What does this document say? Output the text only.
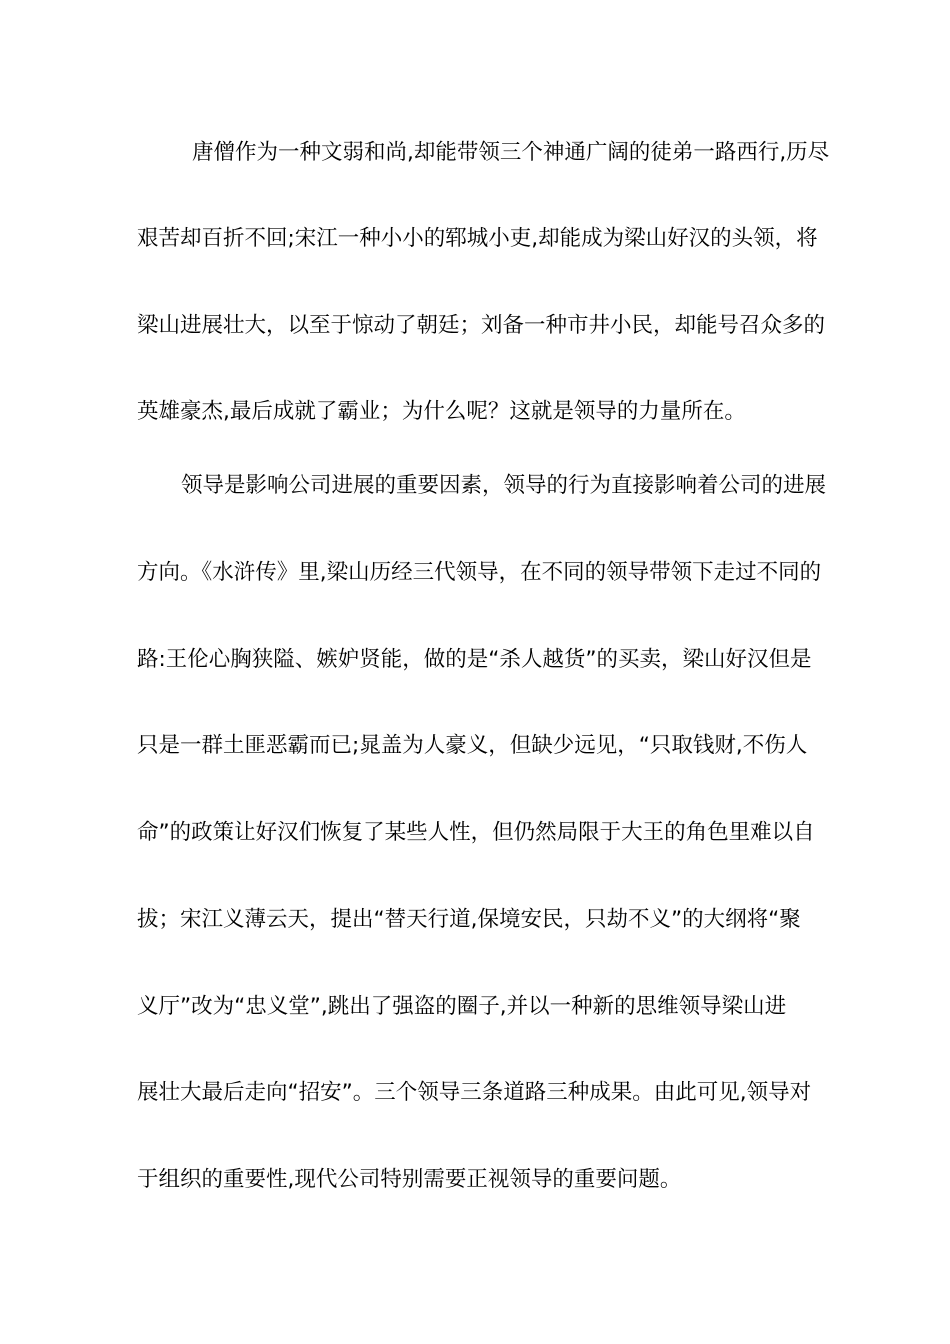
唐僧作为一种文弱和尚,却能带领三个神通广阔的徒弟一路西行,历尽
艰苦却百折不回;宋江一种小小的郓城小吏,却能成为梁山好汉的头领，将
梁山进展壮大，以至于惊动了朝廷；刘备一种市井小民，却能号召众多的
英雄豪杰,最后成就了霸业；为什么呢？这就是领导的力量所在。
领导是影响公司进展的重要因素，领导的行为直接影响着公司的进展
方向。《水浒传》里,梁山历经三代领导，在不同的领导带领下走过不同的
路:王伦心胸狭隘、嫉妒贤能，做的是“杀人越货”的买卖，梁山好汉但是
只是一群土匪恶霸而已;晁盖为人豪义，但缺少远见，“只取钱财,不伤人
命”的政策让好汉们恢复了某些人性，但仍然局限于大王的角色里难以自
拔；宋江义薄云天，提出“替天行道,保境安民，只劫不义”的大纲将“聚
义厅”改为“忠义堂”,跳出了强盗的圈子,并以一种新的思维领导梁山进
展壮大最后走向“招安”。三个领导三条道路三种成果。由此可见,领导对
于组织的重要性,现代公司特别需要正视领导的重要问题。
